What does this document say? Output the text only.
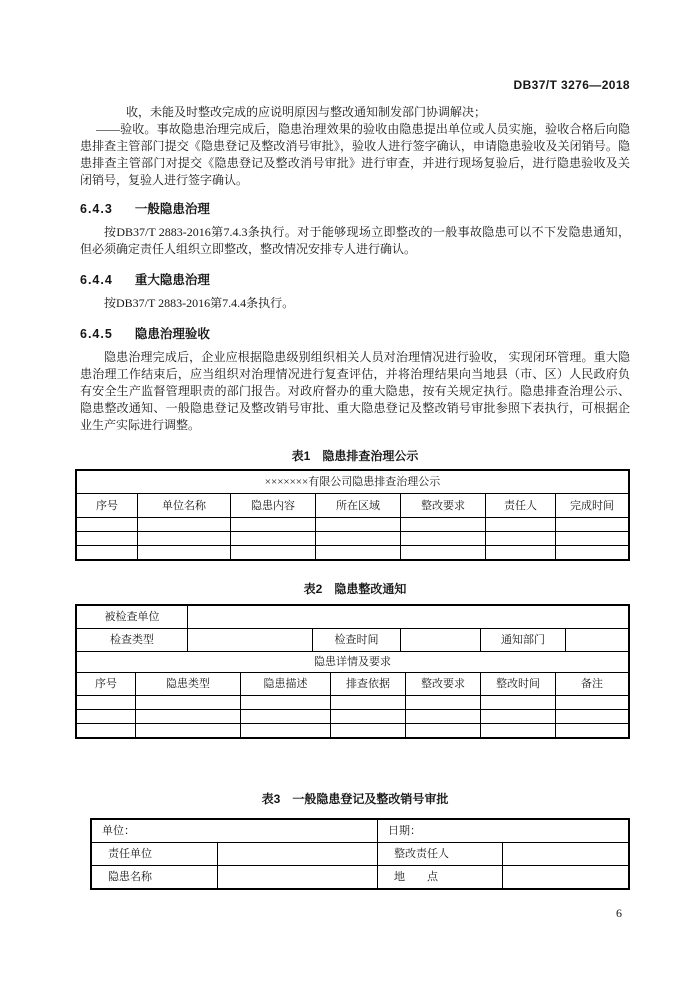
DB37/T 3276—2018
收，未能及时整改完成的应说明原因与整改通知制发部门协调解决；
——验收。事故隐患治理完成后，隐患治理效果的验收由隐患提出单位或人员实施，验收合格后向隐患排查主管部门提交《隐患登记及整改消号审批》，验收人进行签字确认，申请隐患验收及关闭销号。隐患排查主管部门对提交《隐患登记及整改消号审批》进行审查，并进行现场复验后，进行隐患验收及关闭销号，复验人进行签字确认。
6.4.3 一般隐患治理
按DB37/T 2883-2016第7.4.3条执行。对于能够现场立即整改的一般事故隐患可以不下发隐患通知，但必须确定责任人组织立即整改，整改情况安排专人进行确认。
6.4.4 重大隐患治理
按DB37/T 2883-2016第7.4.4条执行。
6.4.5 隐患治理验收
隐患治理完成后，企业应根据隐患级别组织相关人员对治理情况进行验收， 实现闭环管理。重大隐患治理工作结束后，应当组织对治理情况进行复查评估，并将治理结果向当地县（市、区）人民政府负有安全生产监督管理职责的部门报告。对政府督办的重大隐患，按有关规定执行。隐患排查治理公示、隐患整改通知、一般隐患登记及整改销号审批、重大隐患登记及整改销号审批参照下表执行，可根据企业生产实际进行调整。
表1　隐患排查治理公示
×××××××有限公司隐患排查治理公示
序号	单位名称	隐患内容	所在区域	整改要求	责任人	完成时间
表2　隐患整改通知
被检查单位
检查类型	检查时间	通知部门
隐患详情及要求
序号	隐患类型	隐患描述	排查依据	整改要求	整改时间	备注
表3　一般隐患登记及整改销号审批
单位：	日期：
责任单位	整改责任人
隐患名称	地　　点
6
